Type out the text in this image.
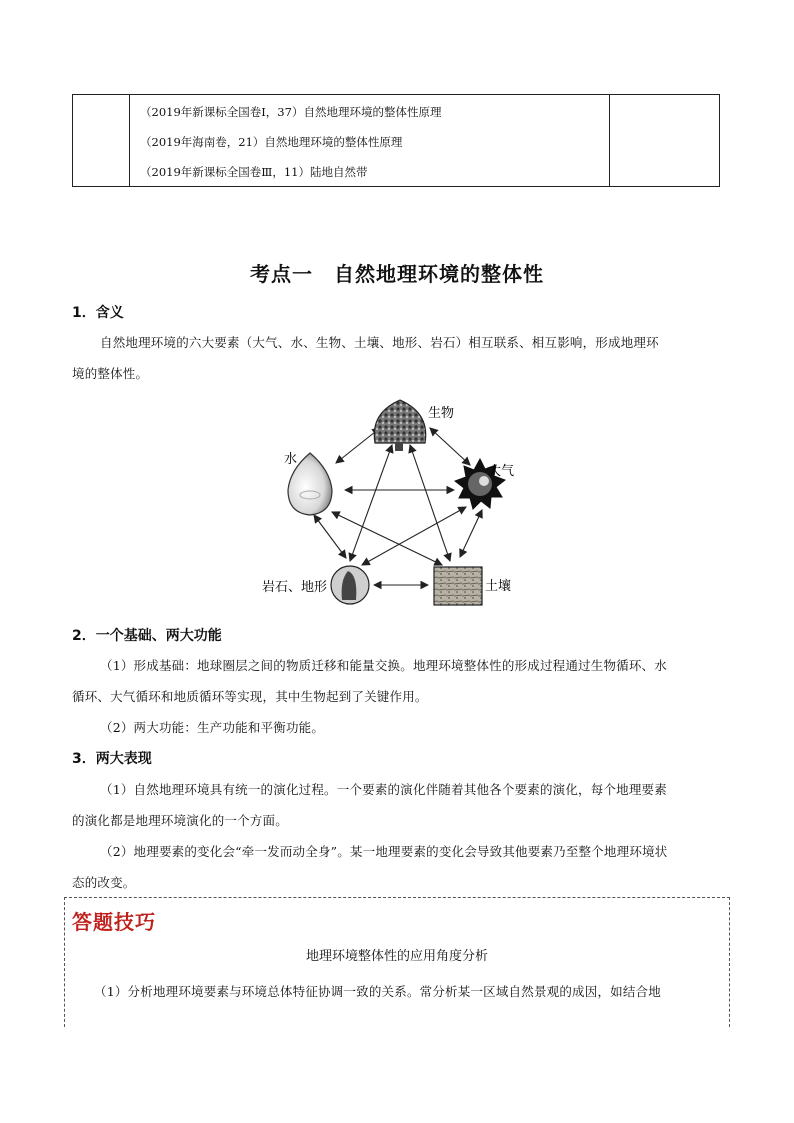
（2019年新课标全国卷Ⅰ，37）自然地理环境的整体性原理
（2019年海南卷，21）自然地理环境的整体性原理
（2019年新课标全国卷Ⅲ，11）陆地自然带
考点一　自然地理环境的整体性
1．含义
自然地理环境的六大要素（大气、水、生物、土壤、地形、岩石）相互联系、相互影响，形成地理环
境的整体性。
生物
水
大气
岩石、地形	土壤
2．一个基础、两大功能
（1）形成基础：地球圈层之间的物质迁移和能量交换。地理环境整体性的形成过程通过生物循环、水
循环、大气循环和地质循环等实现，其中生物起到了关键作用。
（2）两大功能：生产功能和平衡功能。
3．两大表现
（1）自然地理环境具有统一的演化过程。一个要素的演化伴随着其他各个要素的演化，每个地理要素
的演化都是地理环境演化的一个方面。
（2）地理要素的变化会“牵一发而动全身”。某一地理要素的变化会导致其他要素乃至整个地理环境状
态的改变。
答题技巧
地理环境整体性的应用角度分析
（1）分析地理环境要素与环境总体特征协调一致的关系。常分析某一区域自然景观的成因，如结合地
